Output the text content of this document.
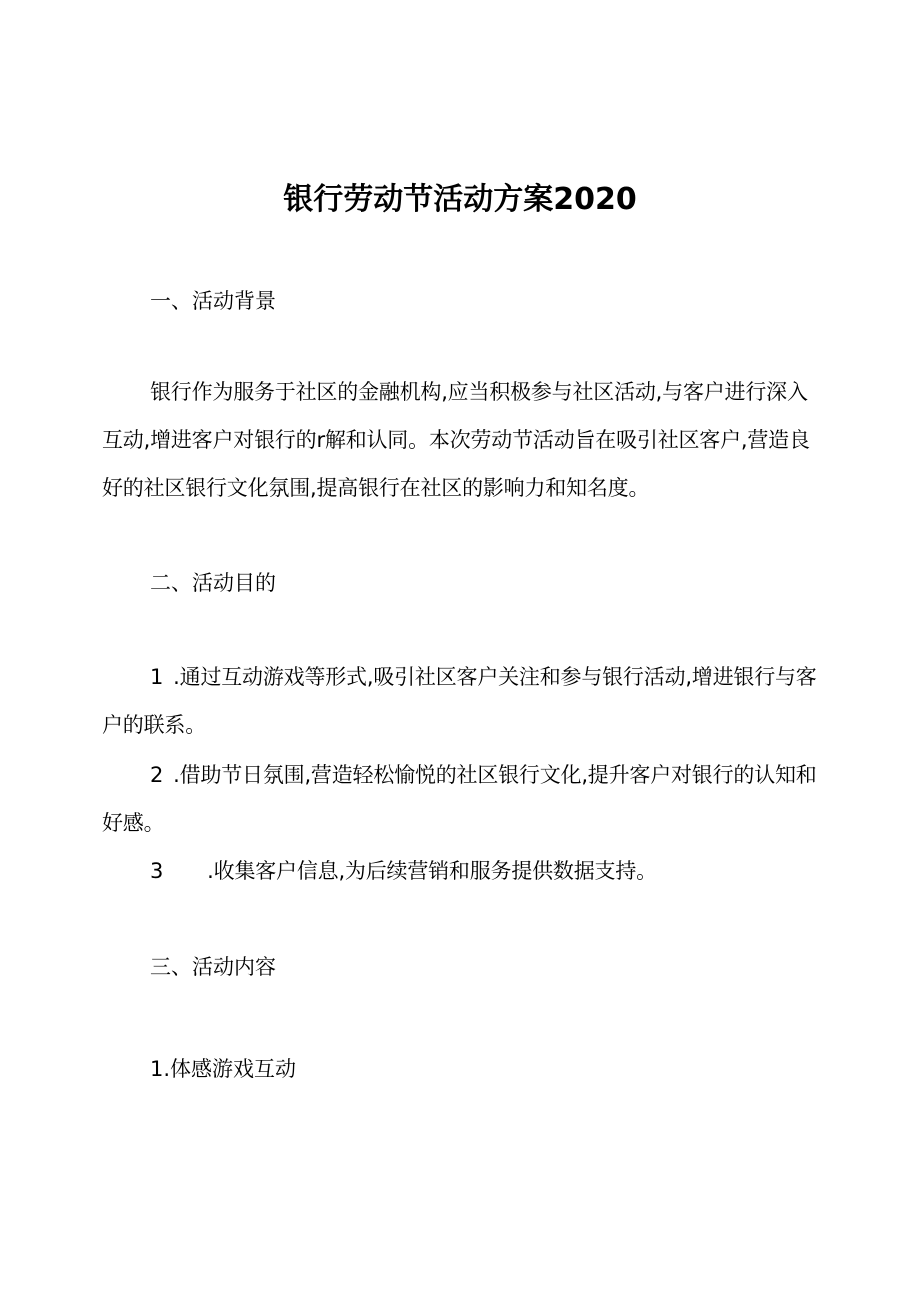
银行劳动节活动方案2020
一、活动背景
银行作为服务于社区的金融机构,应当积极参与社区活动,与客户进行深入互动,增进客户对银行的r解和认同。本次劳动节活动旨在吸引社区客户,营造良好的社区银行文化氛围,提高银行在社区的影响力和知名度。
二、活动目的
1 .通过互动游戏等形式,吸引社区客户关注和参与银行活动,增进银行与客户的联系。
2 .借助节日氛围,营造轻松愉悦的社区银行文化,提升客户对银行的认知和好感。
3 .收集客户信息,为后续营销和服务提供数据支持。
三、活动内容
1.体感游戏互动
